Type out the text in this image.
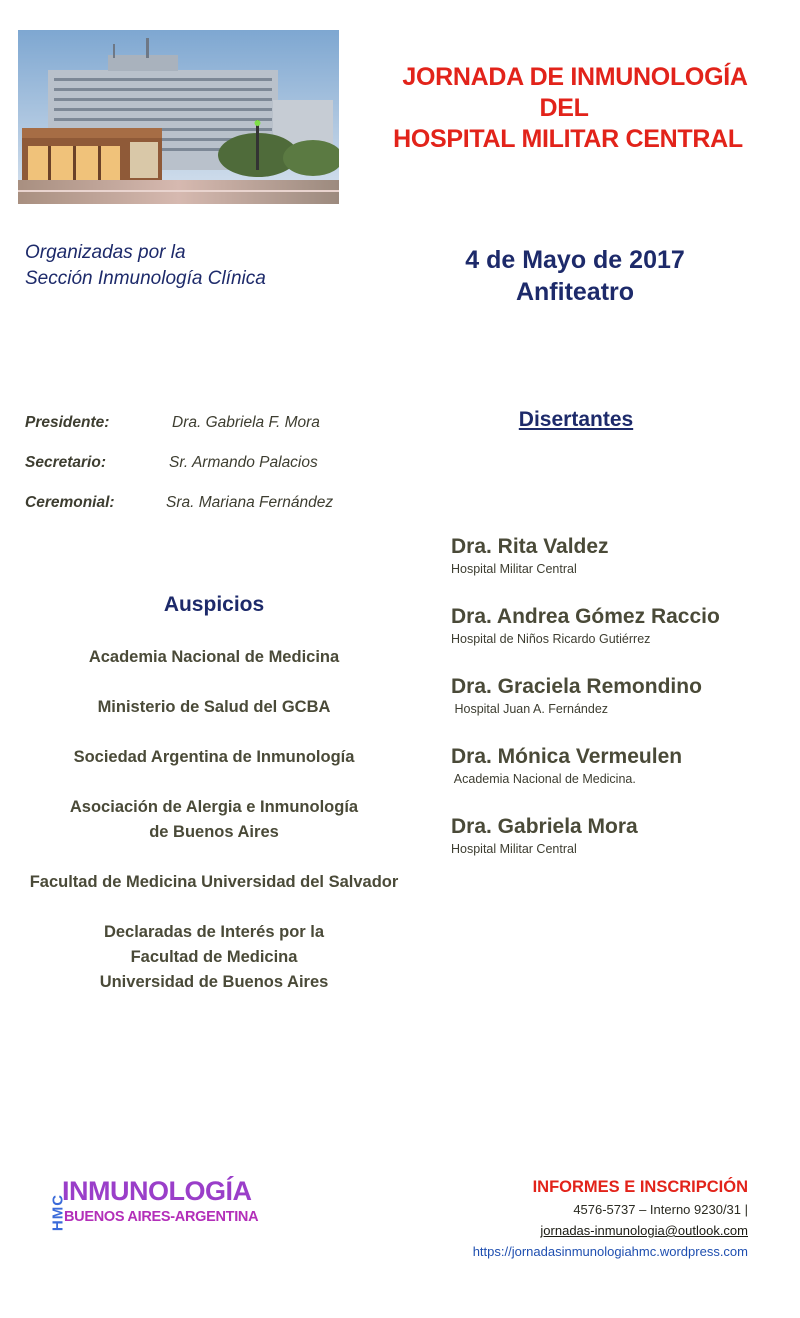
JORNADA DE INMUNOLOGÍA
DEL
HOSPITAL MILITAR CENTRAL
Organizadas por la
Sección Inmunología Clínica
4 de Mayo de 2017
Anfiteatro
Presidente:	Dra. Gabriela F. Mora
Secretario:	Sr. Armando Palacios
Ceremonial:	Sra. Mariana Fernández
Disertantes
Dra. Rita Valdez
Hospital Militar Central
Dra. Andrea Gómez Raccio
Hospital de Niños Ricardo Gutiérrez
Dra. Graciela Remondino
Hospital Juan A. Fernández
Dra. Mónica Vermeulen
Academia Nacional de Medicina.
Dra. Gabriela Mora
Hospital Militar Central
Auspicios
Academia Nacional de Medicina
Ministerio de Salud del GCBA
Sociedad Argentina de Inmunología
Asociación de Alergia e Inmunología
de Buenos Aires
Facultad de Medicina Universidad del Salvador
Declaradas de Interés por la
Facultad de Medicina
Universidad de Buenos Aires
HMC
INMUNOLOGÍA
BUENOS AIRES-ARGENTINA
INFORMES E INSCRIPCIÓN
4576-5737 – Interno 9230/31 |
jornadas-inmunologia@outlook.com
https://jornadasinmunologiahmc.wordpress.com
